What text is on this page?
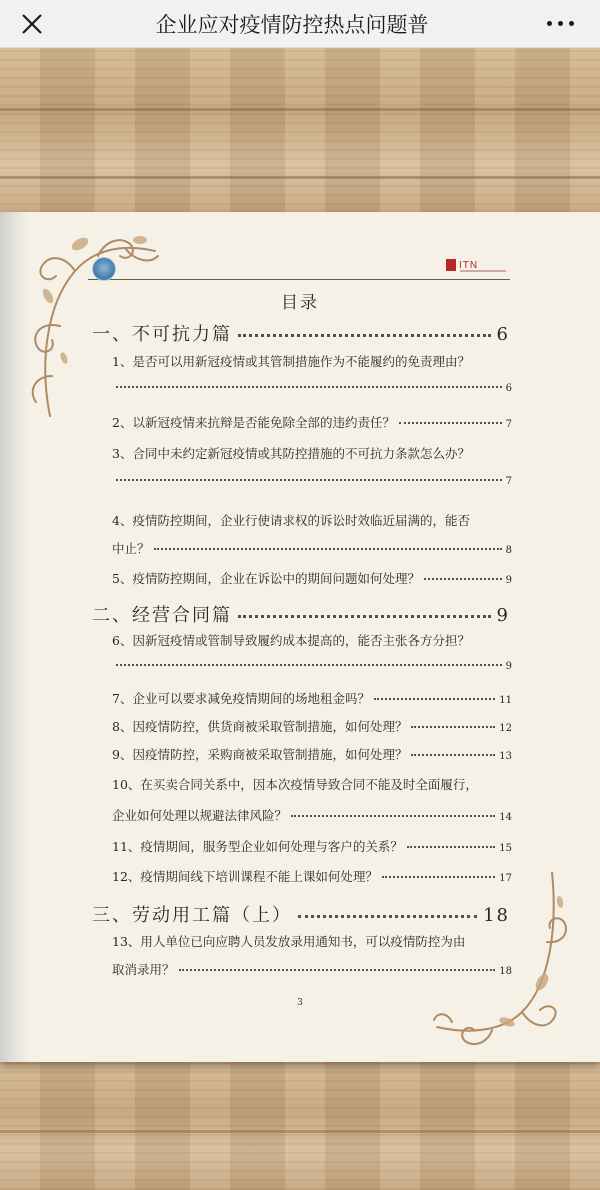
企业应对疫情防控热点问题普
ITN
目录
一、不可抗力篇	6
1、是否可以用新冠疫情或其管制措施作为不能履约的免责理由？
6
2、以新冠疫情来抗辩是否能免除全部的违约责任？	7
3、合同中未约定新冠疫情或其防控措施的不可抗力条款怎么办？
7
4、疫情防控期间，企业行使请求权的诉讼时效临近届满的，能否
中止？	8
5、疫情防控期间，企业在诉讼中的期间问题如何处理？	9
二、经营合同篇	9
6、因新冠疫情或管制导致履约成本提高的，能否主张各方分担？
9
7、企业可以要求减免疫情期间的场地租金吗？	11
8、因疫情防控，供货商被采取管制措施，如何处理？	12
9、因疫情防控，采购商被采取管制措施，如何处理？	13
10、在买卖合同关系中，因本次疫情导致合同不能及时全面履行，
企业如何处理以规避法律风险？	14
11、疫情期间，服务型企业如何处理与客户的关系？	15
12、疫情期间线下培训课程不能上课如何处理？	17
三、劳动用工篇（上）	18
13、用人单位已向应聘人员发放录用通知书，可以疫情防控为由
取消录用？	18
3
